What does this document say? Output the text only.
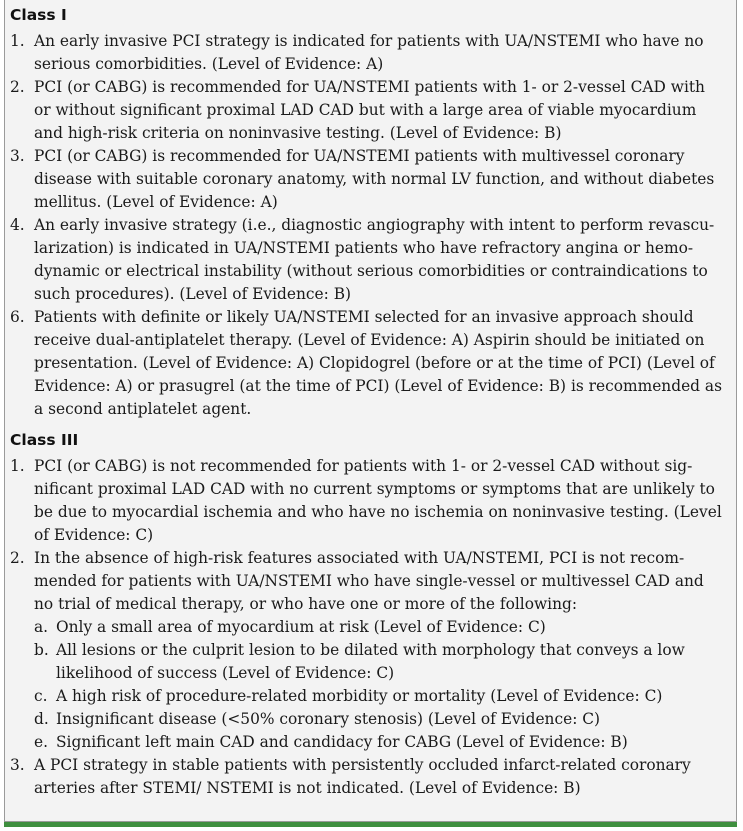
Class I
1. An early invasive PCI strategy is indicated for patients with UA/NSTEMI who have no
serious comorbidities. (Level of Evidence: A)
2. PCI (or CABG) is recommended for UA/NSTEMI patients with 1- or 2-vessel CAD with
or without significant proximal LAD CAD but with a large area of viable myocardium
and high-risk criteria on noninvasive testing. (Level of Evidence: B)
3. PCI (or CABG) is recommended for UA/NSTEMI patients with multivessel coronary
disease with suitable coronary anatomy, with normal LV function, and without diabetes
mellitus. (Level of Evidence: A)
4. An early invasive strategy (i.e., diagnostic angiography with intent to perform revascu-
larization) is indicated in UA/NSTEMI patients who have refractory angina or hemo-
dynamic or electrical instability (without serious comorbidities or contraindications to
such procedures). (Level of Evidence: B)
6. Patients with definite or likely UA/NSTEMI selected for an invasive approach should
receive dual-antiplatelet therapy. (Level of Evidence: A) Aspirin should be initiated on
presentation. (Level of Evidence: A) Clopidogrel (before or at the time of PCI) (Level of
Evidence: A) or prasugrel (at the time of PCI) (Level of Evidence: B) is recommended as
a second antiplatelet agent.
Class III
1. PCI (or CABG) is not recommended for patients with 1- or 2-vessel CAD without sig-
nificant proximal LAD CAD with no current symptoms or symptoms that are unlikely to
be due to myocardial ischemia and who have no ischemia on noninvasive testing. (Level
of Evidence: C)
2. In the absence of high-risk features associated with UA/NSTEMI, PCI is not recom-
mended for patients with UA/NSTEMI who have single-vessel or multivessel CAD and
no trial of medical therapy, or who have one or more of the following:
a. Only a small area of myocardium at risk (Level of Evidence: C)
b. All lesions or the culprit lesion to be dilated with morphology that conveys a low
likelihood of success (Level of Evidence: C)
c. A high risk of procedure-related morbidity or mortality (Level of Evidence: C)
d. Insignificant disease (<50% coronary stenosis) (Level of Evidence: C)
e. Significant left main CAD and candidacy for CABG (Level of Evidence: B)
3. A PCI strategy in stable patients with persistently occluded infarct-related coronary
arteries after STEMI/ NSTEMI is not indicated. (Level of Evidence: B)
